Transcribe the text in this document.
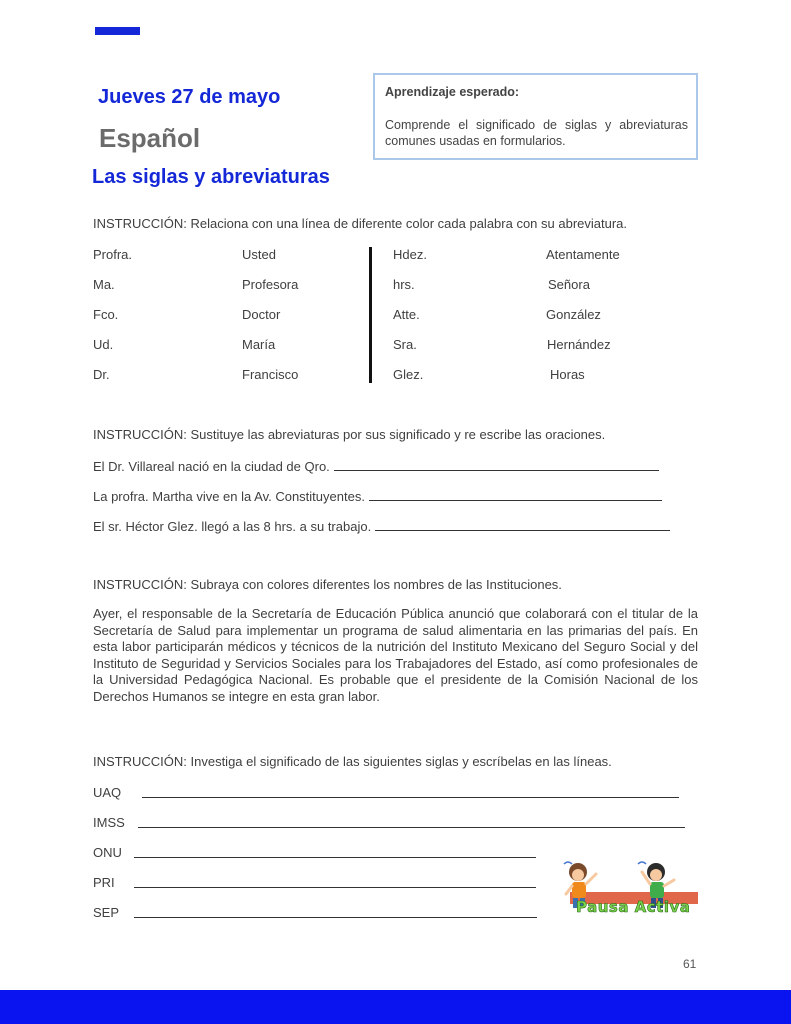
Jueves 27 de mayo
Español
Las siglas y abreviaturas
Aprendizaje esperado:
Comprende el significado de siglas y abreviaturas comunes usadas en formularios.
INSTRUCCIÓN: Relaciona con una línea de diferente color cada palabra con su abreviatura.
Profra.
Ma.
Fco.
Ud.
Dr.
Usted
Profesora
Doctor
María
Francisco
Hdez.
hrs.
Atte.
Sra.
Glez.
Atentamente
Señora
González
Hernández
Horas
INSTRUCCIÓN: Sustituye las abreviaturas por sus significado y re escribe las oraciones.
El Dr. Villareal nació en la ciudad de Qro.
La profra. Martha vive en la Av. Constituyentes.
El sr. Héctor Glez. llegó a las 8 hrs. a su trabajo.
INSTRUCCIÓN: Subraya con colores diferentes los nombres de las Instituciones.
Ayer, el responsable de la Secretaría de Educación Pública anunció que colaborará con el titular de la Secretaría de Salud para implementar un programa de salud alimentaria en las primarias del país. En esta labor participarán médicos y técnicos de la nutrición del Instituto Mexicano del Seguro Social y del Instituto de Seguridad y Servicios Sociales para los Trabajadores del Estado, así como profesionales de la Universidad Pedagógica Nacional. Es probable que el presidente de la Comisión Nacional de los Derechos Humanos se integre en esta gran labor.
INSTRUCCIÓN: Investiga el significado de las siguientes siglas y escríbelas en las líneas.
UAQ
IMSS
ONU
PRI
SEP	Pausa Activa
61
